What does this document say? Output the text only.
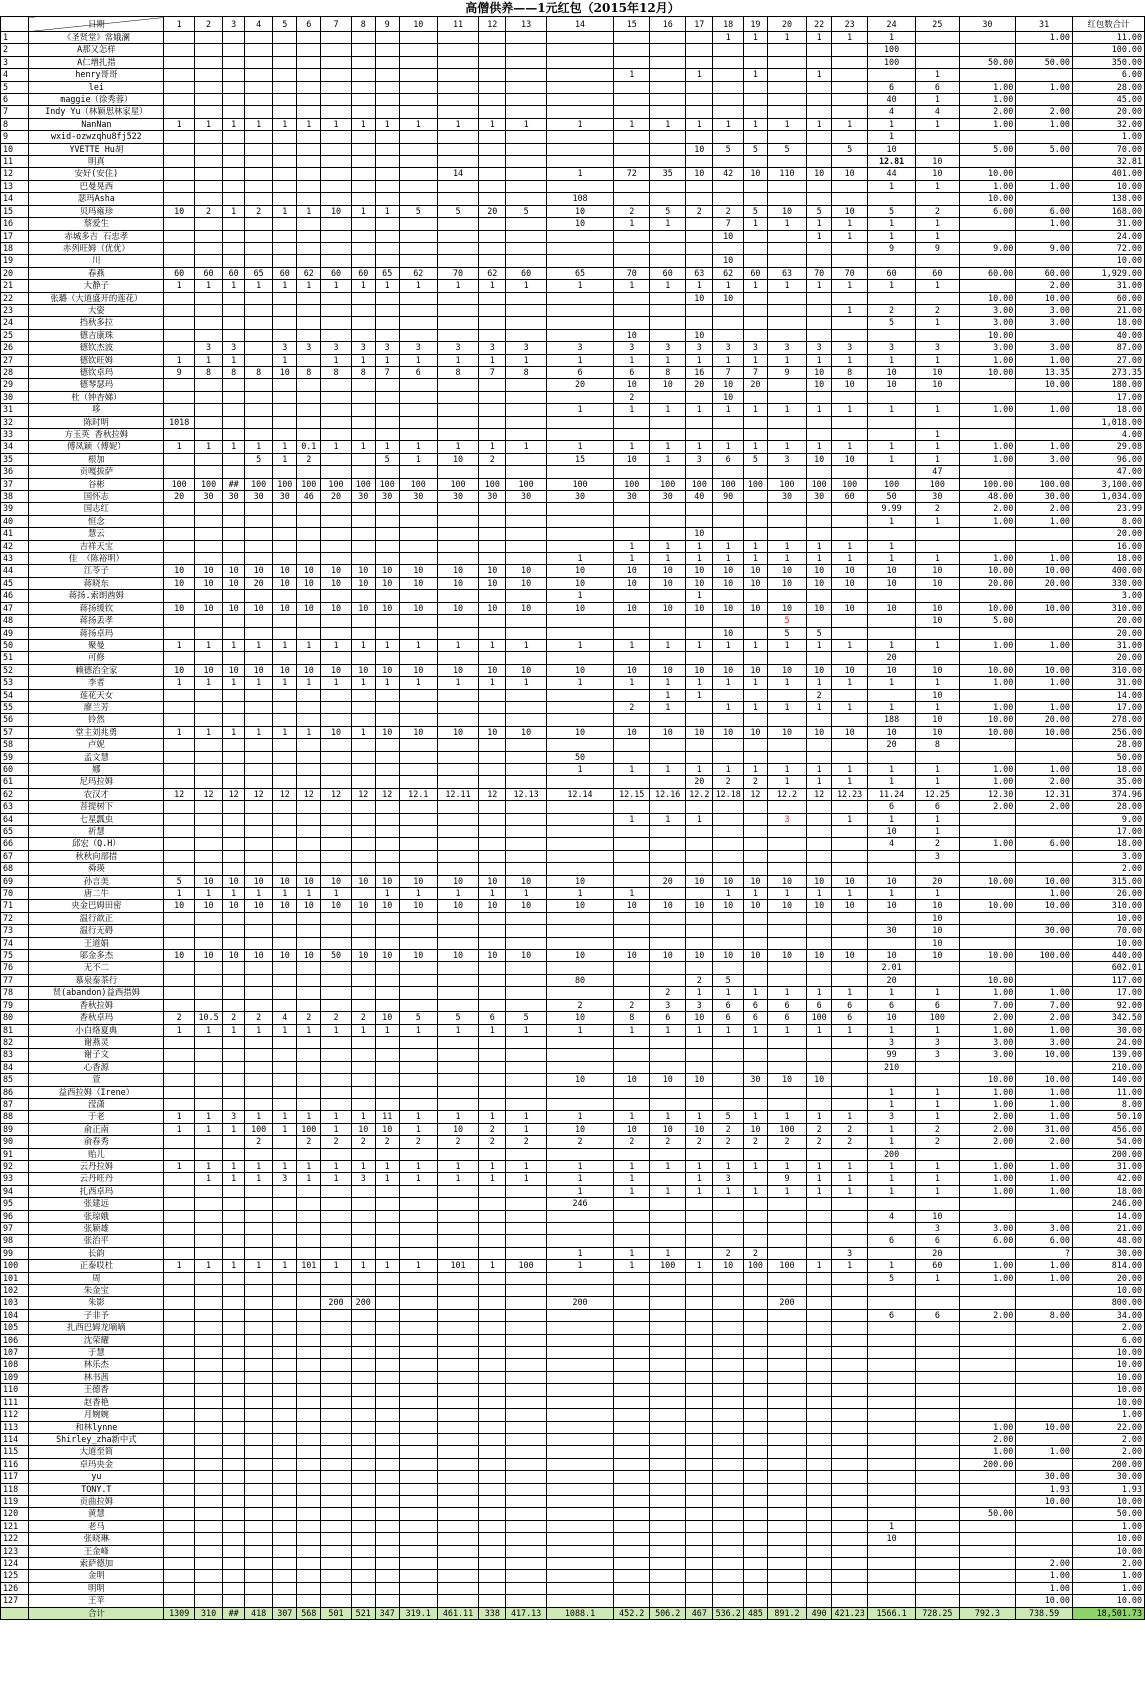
高僧供养——1元红包（2015年12月）
	日期	1	2	3	4	5	6	7	8	9	10	11	12	13	14	15	16	17	18	19	20	22	23	24	25	30	31	红包数合计
1	《圣贤堂》常娥澜																		1	1	1	1	1	1			1.00	11.00
2	A那又怎样																							100				100.00
3	A仁增扎措																							100		50.00	50.00	350.00
4	henry哥哥															1		1		1		1			1			6.00
5	lei																							6	6	1.00	1.00	28.00
6	maggie（徐秀蓉）																							40	1	1.00		45.00
7	Indy Yu（林颖思林家星）																							4	4	2.00	2.00	20.00
8	NanNan	1	1	1	1	1	1	1	1	1	1	1	1	1	1	1	1	1	1	1	1	1	1	1	1	1.00	1.00	32.00
9	wxid-ozwzqhu8fj522																							1				1.00
10	YVETTE Hu胡																	10	5	5	5		5	10		5.00	5.00	70.00
11	明真																							12.81	10			32.81
12	安好(安住)											14			1	72	35	10	42	10	110	10	10	44	10	10.00		401.00
13	巴曼晃西																							1	1	1.00	1.00	10.00
14	瑟玛Asha														108											10.00		138.00
15	贝玛雍珍	10	2	1	2	1	1	10	1	1	5	5	20	5	10	2	5	2	2	5	10	5	10	5	2	6.00	6.00	168.00
16	蔡爱生														10	1	1		7	1	1	1	1	1	1		1.00	31.00
17	赤城多吉 石忠孝																		10			1	1	1	1			24.00
18	赤列旺姆（优优）																							9	9	9.00	9.00	72.00
19	川																		10									10.00
20	春燕	60	60	60	65	60	62	60	60	65	62	70	62	60	65	70	60	63	62	60	63	70	70	60	60	60.00	60.00	1,929.00
21	大静子	1	1	1	1	1	1	1	1	1	1	1	1	1	1	1	1	1	1	1	1	1	1	1	1		2.00	31.00
22	张璐（大道盛开的莲花）																	10	10							10.00	10.00	60.00
23	大姿																						1	2	2	3.00	3.00	21.00
24	挡秋多拉																							5	1	3.00	3.00	18.00
25	德吉康珠															10		10								10.00		40.00
26	德钦杰波		3	3		3	3	3	3	3	3	3	3	3	3	3	3	3	3	3	3	3	3	3	3	3.00	3.00	87.00
27	德钦旺姆	1	1	1		1		1	1	1	1	1	1	1	1	1	1	1	1	1	1	1	1	1	1	1.00	1.00	27.00
28	德钦卓玛	9	8	8	8	10	8	8	8	7	6	8	7	8	6	6	8	16	7	7	9	10	8	10	10	10.00	13.35	273.35
29	德琴瑟玛														20	10	10	20	10	20		10	10	10	10		10.00	180.00
30	杜（钟杏娣）															2			10									17.00
31	哆														1	1	1	1	1	1	1	1	1	1	1	1.00	1.00	18.00
32	陈时明	1018																										1,018.00
33	方玉英 香秋拉姆																								1			4.00
34	傅凤颖（傅妮）	1	1	1	1	1	0.1	1	1	1	1	1	1	1	1	1	1	1	1	1	1	1	1	1	1	1.00	1.00	29.08
35	根加				5	1	2			5	1	10	2		15	10	1	3	6	5	3	10	10	1	1	1.00	3.00	96.00
36	贡嘎拔萨																								47			47.00
37	谷彬	100	100	##	100	100	100	100	100	100	100	100	100	100	100	100	100	100	100	100	100	100	100	100	100	100.00	100.00	3,100.00
38	国怀志	20	30	30	30	30	46	20	30	30	30	30	30	30	30	30	30	40	90		30	30	60	50	30	48.00	30.00	1,034.00
39	国志红																							9.99	2	2.00	2.00	23.99
40	恒念																							1	1	1.00	1.00	8.00
41	慧云																	10										20.00
42	吉祥天宝															1	1	1	1	1	1	1	1	1				16.00
43	佳 （陈裕明）														1	1	1	1	1	1	1	1	1	1	1	1.00	1.00	18.00
44	江苓子	10	10	10	10	10	10	10	10	10	10	10	10	10	10	10	10	10	10	10	10	10	10	10	10	10.00	10.00	400.00
45	蒋晓东	10	10	10	20	10	10	10	10	10	10	10	10	10	10	10	10	10	10	10	10	10	10	10	10	20.00	20.00	330.00
46	蒋扬.索朗酋姆														1			1										3.00
47	蒋扬缓钦	10	10	10	10	10	10	10	10	10	10	10	10	10	10	10	10	10	10	10	10	10	10	10	10	10.00	10.00	310.00
48	蒋扬丢孝																				5				10	5.00		20.00
49	蒋扬卓玛																		10		5	5						20.00
50	聚曼	1	1	1	1	1	1	1	1	1	1	1	1	1	1	1	1	1	1	1	1	1	1	1	1	1.00	1.00	31.00
51	可修																							20				20.00
52	赖德治全家	10	10	10	10	10	10	10	10	10	10	10	10	10	10	10	10	10	10	10	10	10	10	10	10	10.00	10.00	310.00
53	李者	1	1	1	1	1	1	1	1	1	1	1	1	1	1	1	1	1	1	1	1	1	1	1	1	1.00	1.00	31.00
54	莲花天女																1	1				2			10			14.00
55	廖兰芳															2	1		1	1	1	1	1	1	1	1.00	1.00	17.00
56	铃然																							188	10	10.00	20.00	278.00
57	堂主刘兆勇	1	1	1	1	1	1	10	1	10	10	10	10	10	10	10	10	10	10	10	10	10	10	10	10	10.00	10.00	256.00
58	卢妮																							20	8			28.00
59	孟文慧														50													50.00
60	娜														1	1	1	1	1	1	1	1	1	1	1	1.00	1.00	18.00
61	尼玛拉姆																	20	2	2	1	1	1	1	1	1.00	2.00	35.00
62	农汉才	12	12	12	12	12	12	12	12	12	12.1	12.11	12	12.13	12.14	12.15	12.16	12.2	12.18	12	12.2	12	12.23	11.24	12.25	12.30	12.31	374.96
63	菩提树下																							6	6	2.00	2.00	28.00
64	七星瓢虫															1	1	1			3		1	1	1			9.00
65	祈慧																							10	1			17.00
66	邱宏（Q.H）																							4	2	1.00	6.00	18.00
67	秋秋向部措																								3			3.00
68	舜瑛																											2.00
69	孙言美	5	10	10	10	10	10	10	10	10	10	10	10	10	10		20	10	10	10	10	10	10	10	20	10.00	10.00	315.00
70	唐二牛	1	1	1	1	1	1	1		1	1	1	1	1	1	1			1	1	1	1	1	1	1		1.00	26.00
71	央金巴姆田密	10	10	10	10	10	10	10	10	10	10	10	10	10	10	10	10	10	10	10	10	10	10	10	10	10.00	10.00	310.00
72	温行歆正																								10			10.00
73	温行无碍																							30	10		30.00	70.00
74	王道娟																								10			10.00
75	邬金多杰	10	10	10	10	10	10	50	10	10	10	10	10	10	10	10	10	10	10	10	10	10	10	10	10	10.00	100.00	440.00
76	无不二																							2.01				602.01
77	慕泉泰茶行														80			2	5					20		10.00		117.00
78	贤(abandon)益西措姆																2	1	1	1	1	1	1	1	1	1.00	1.00	17.00
79	香秋拉姆														2	2	3	3	6	6	6	6	6	6	6	7.00	7.00	92.00
80	香秋卓玛	2	10.5	2	2	4	2	2	2	10	5	5	6	5	10	8	6	10	6	6	6	100	6	10	100	2.00	2.00	342.50
81	小白烙夏典	1	1	1	1	1	1	1	1	1	1	1	1	1	1	1	1	1	1	1	1	1	1	1	1	1.00	1.00	30.00
82	谢燕灵																							3	3	3.00	3.00	24.00
83	谢子文																							99	3	3.00	10.00	139.00
84	心香源																							210				210.00
85	萱														10	10	10	10		30	10	10				10.00	10.00	140.00
86	益西拉姆（Irene）																							1	1	1.00	1.00	11.00
87	滢潇																							1	1	1.00	1.00	8.00
88	于老	1	1	3	1	1	1	1	1	11	1	1	1	1	1	1	1	1	5	1	1	1	1	3	1	2.00	1.00	50.10
89	俞正南	1	1	1	100	1	100	1	10	10	1	10	2	1	10	10	10	10	2	10	100	2	2	1	2	2.00	31.00	456.00
90	俞春秀				2		2	2	2	2	2	2	2	2	2	2	2	2	2	2	2	2	2	1	2	2.00	2.00	54.00
91	贻儿																							200				200.00
92	云丹拉姆	1	1	1	1	1	1	1	1	1	1	1	1	1	1	1	1	1	1	1	1	1	1	1	1	1.00	1.00	31.00
93	云丹旺丹		1	1	1	3	1	1	3	1	1	1	1	1	1	1		1	3		9	1	1	1	1	1.00	1.00	42.00
94	扎西卓玛														1	1	1	1	1	1	1	1	1	1	1	1.00	1.00	18.00
95	张建远														246													246.00
96	张琼娥																							4	10			14.00
97	张颖雄																								3	3.00	3.00	21.00
98	张治平																							6	6	6.00	6.00	48.00
99	长韵														1	1	1		2	2			3		20		?	30.00
100	正泰哎杜	1	1	1	1	1	101	1	1	1	1	101	1	100	1	1	100	1	10	100	100	1	1	1	60	1.00	1.00	814.00
101	周																							5	1	1.00	1.00	20.00
102	朱金宝																											10.00
103	朱影							200	200						200						200							800.00
104	子非予																							6	6	2.00	8.00	34.00
105	扎西巴姆龙嘀嘀																											2.00
106	沈荣耀																											6.00
107	于慧																											10.00
108	林乐杰																											10.00
109	林书茜																											10.00
110	王德香																											10.00
111	赵香艳																											10.00
112	月婉婉																											1.00
113	和林lynne																									1.00	10.00	22.00
114	Shirley_zha新中式																									2.00		2.00
115	大道至简																									1.00	1.00	2.00
116	卓玛央金																									200.00		200.00
117	yu																										30.00	30.00
118	TONY.T																										1.93	1.93
119	贡曲拉姆																										10.00	10.00
120	黄慧																									50.00		50.00
121	老马																							1				1.00
122	张晓琳																							10				10.00
123	王金峰																											10.00
124	索萨德加																										2.00	2.00
125	金明																										1.00	1.00
126	明明																										1.00	1.00
127	王苹																										10.00	10.00
	合计	1309	310	##	418	307	568	501	521	347	319.1	461.11	338	417.13	1088.1	452.2	506.2	467	536.2	485	891.2	490	421.23	1566.1	728.25	792.3	738.59	18,501.73
